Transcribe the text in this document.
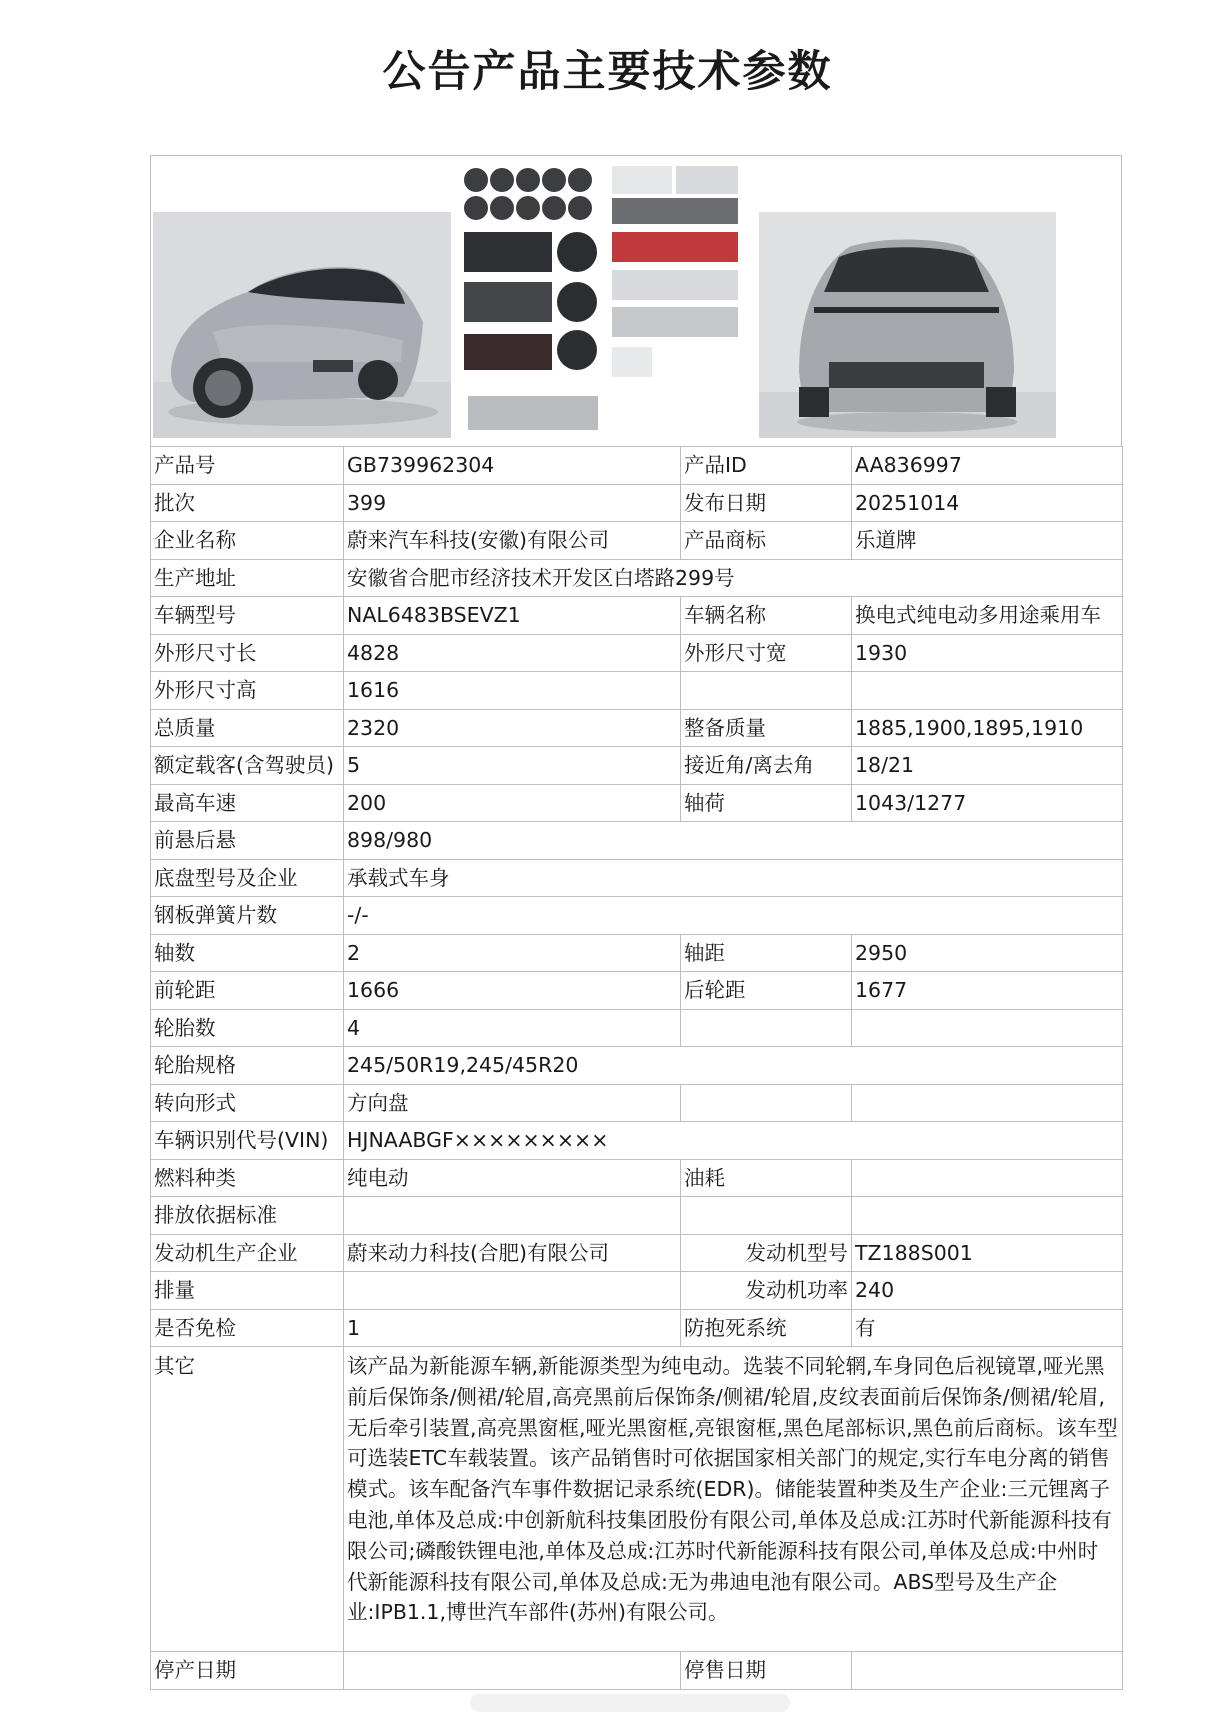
公告产品主要技术参数
产品号	GB739962304	产品ID	AA836997
批次	399	发布日期	20251014
企业名称	蔚来汽车科技(安徽)有限公司	产品商标	乐道牌
生产地址	安徽省合肥市经济技术开发区白塔路299号		
车辆型号	NAL6483BSEVZ1	车辆名称	换电式纯电动多用途乘用车
外形尺寸长	4828	外形尺寸宽	1930
外形尺寸高	1616		
总质量	2320	整备质量	1885,1900,1895,1910
额定载客(含驾驶员)	5	接近角/离去角	18/21
最高车速	200	轴荷	1043/1277
前悬后悬	898/980		
底盘型号及企业	承载式车身		
钢板弹簧片数	-/-		
轴数	2	轴距	2950
前轮距	1666	后轮距	1677
轮胎数	4		
轮胎规格	245/50R19,245/45R20		
转向形式	方向盘		
车辆识别代号(VIN)	HJNAABGF×××××××××		
燃料种类	纯电动	油耗	
排放依据标准			
发动机生产企业	蔚来动力科技(合肥)有限公司	发动机型号	TZ188S001
排量		发动机功率	240
是否免检	1	防抱死系统	有
其它	该产品为新能源车辆,新能源类型为纯电动。选装不同轮辋,车身同色后视镜罩,哑光黑前后保饰条/侧裙/轮眉,高亮黑前后保饰条/侧裙/轮眉,皮纹表面前后保饰条/侧裙/轮眉,无后牵引装置,高亮黑窗框,哑光黑窗框,亮银窗框,黑色尾部标识,黑色前后商标。该车型可选装ETC车载装置。该产品销售时可依据国家相关部门的规定,实行车电分离的销售模式。该车配备汽车事件数据记录系统(EDR)。储能装置种类及生产企业:三元锂离子电池,单体及总成:中创新航科技集团股份有限公司,单体及总成:江苏时代新能源科技有限公司;磷酸铁锂电池,单体及总成:江苏时代新能源科技有限公司,单体及总成:中州时代新能源科技有限公司,单体及总成:无为弗迪电池有限公司。ABS型号及生产企业:IPB1.1,博世汽车部件(苏州)有限公司。		
停产日期		停售日期	
